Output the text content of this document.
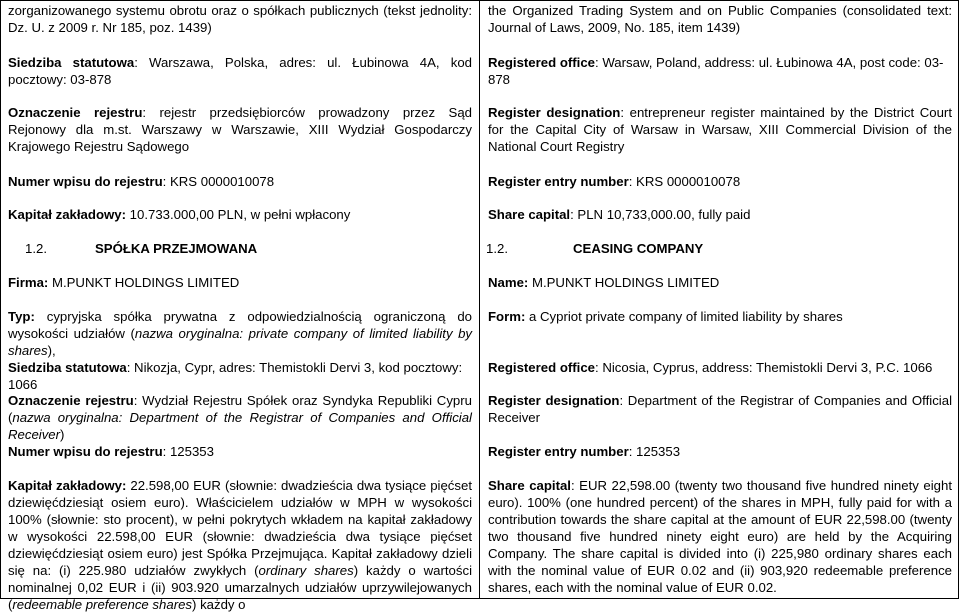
zorganizowanego systemu obrotu oraz o spółkach publicznych (tekst jednolity: Dz. U. z 2009 r. Nr 185, poz. 1439)
Siedziba statutowa: Warszawa, Polska, adres: ul. Łubinowa 4A, kod pocztowy: 03-878
Oznaczenie rejestru: rejestr przedsiębiorców prowadzony przez Sąd Rejonowy dla m.st. Warszawy w Warszawie, XIII Wydział Gospodarczy Krajowego Rejestru Sądowego
Numer wpisu do rejestru: KRS 0000010078
Kapitał zakładowy: 10.733.000,00 PLN, w pełni wpłacony
1.2.	SPÓŁKA PRZEJMOWANA
Firma: M.PUNKT HOLDINGS LIMITED
Typ: cypryjska spółka prywatna z odpowiedzialnością ograniczoną do wysokości udziałów (nazwa oryginalna: private company of limited liability by shares),
Siedziba statutowa: Nikozja, Cypr, adres: Themistokli Dervi 3, kod pocztowy: 1066
Oznaczenie rejestru: Wydział Rejestru Spółek oraz Syndyka Republiki Cypru (nazwa oryginalna: Department of the Registrar of Companies and Official Receiver)
Numer wpisu do rejestru: 125353
Kapitał zakładowy: 22.598,00 EUR (słownie: dwadzieścia dwa tysiące pięćset dziewięćdziesiąt osiem euro). Właścicielem udziałów w MPH w wysokości 100% (słownie: sto procent), w pełni pokrytych wkładem na kapitał zakładowy w wysokości 22.598,00 EUR (słownie: dwadzieścia dwa tysiące pięćset dziewięćdziesiąt osiem euro) jest Spółka Przejmująca. Kapitał zakładowy dzieli się na: (i) 225.980 udziałów zwykłych (ordinary shares) każdy o wartości nominalnej 0,02 EUR i (ii) 903.920 umarzalnych udziałów uprzywilejowanych (redeemable preference shares) każdy o
the Organized Trading System and on Public Companies (consolidated text: Journal of Laws, 2009, No. 185, item 1439)
Registered office: Warsaw, Poland, address: ul. Łubinowa 4A, post code: 03-878
Register designation: entrepreneur register maintained by the District Court for the Capital City of Warsaw in Warsaw, XIII Commercial Division of the National Court Registry
Register entry number: KRS 0000010078
Share capital: PLN 10,733,000.00, fully paid
1.2.	CEASING COMPANY
Name: M.PUNKT HOLDINGS LIMITED
Form: a Cypriot private company of limited liability by shares
Registered office: Nicosia, Cyprus, address: Themistokli Dervi 3, P.C. 1066
Register designation: Department of the Registrar of Companies and Official Receiver
Register entry number: 125353
Share capital: EUR 22,598.00 (twenty two thousand five hundred ninety eight euro). 100% (one hundred percent) of the shares in MPH, fully paid for with a contribution towards the share capital at the amount of EUR 22,598.00 (twenty two thousand five hundred ninety eight euro) are held by the Acquiring Company. The share capital is divided into (i) 225,980 ordinary shares each with the nominal value of EUR 0.02 and (ii) 903,920 redeemable preference shares, each with the nominal value of EUR 0.02.
